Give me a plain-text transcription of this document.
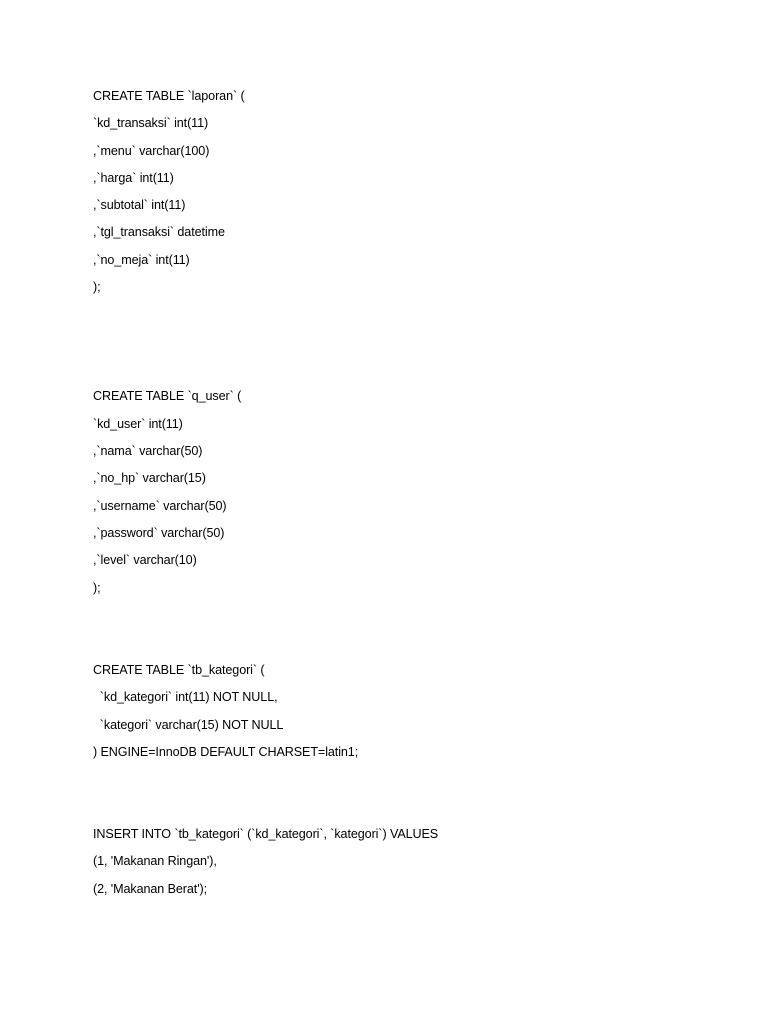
CREATE TABLE `laporan` (

`kd_transaksi` int(11)

,`menu` varchar(100)

,`harga` int(11)

,`subtotal` int(11)

,`tgl_transaksi` datetime

,`no_meja` int(11)

);

CREATE TABLE `q_user` (

`kd_user` int(11)

,`nama` varchar(50)

,`no_hp` varchar(15)

,`username` varchar(50)

,`password` varchar(50)

,`level` varchar(10)

);

CREATE TABLE `tb_kategori` (

`kd_kategori` int(11) NOT NULL,

`kategori` varchar(15) NOT NULL

) ENGINE=InnoDB DEFAULT CHARSET=latin1;

INSERT INTO `tb_kategori` (`kd_kategori`, `kategori`) VALUES

(1, 'Makanan Ringan'),

(2, 'Makanan Berat');
